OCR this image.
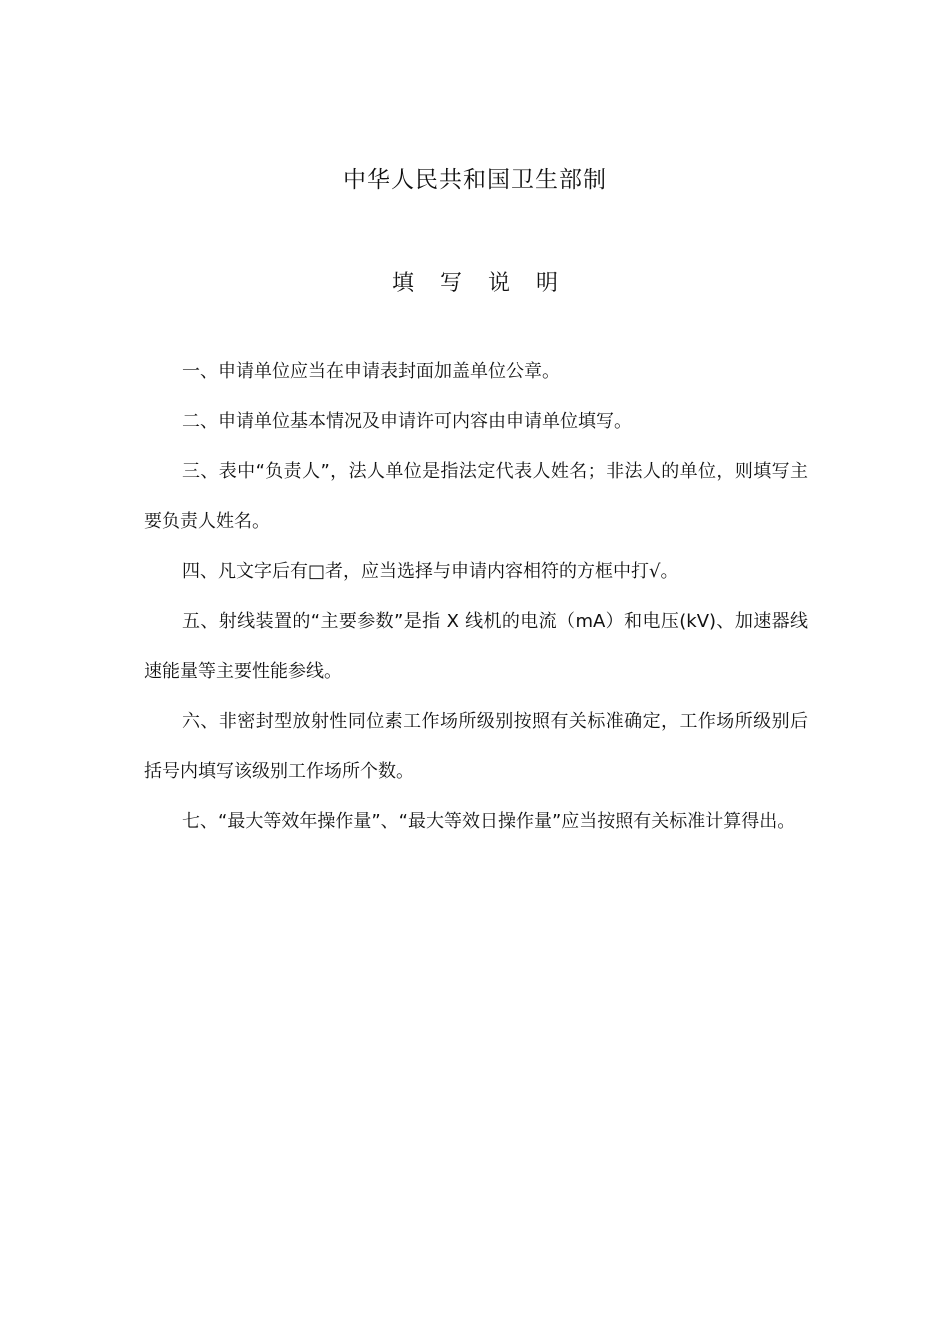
中华人民共和国卫生部制
填写说明

一、申请单位应当在申请表封面加盖单位公章。

二、申请单位基本情况及申请许可内容由申请单位填写。

三、表中“负责人”，法人单位是指法定代表人姓名；非法人的单位，则填写主要负责人姓名。

四、凡文字后有□者，应当选择与申请内容相符的方框中打√。

五、射线装置的“主要参数”是指 X 线机的电流（mA）和电压(kV)、加速器线速能量等主要性能参线。

六、非密封型放射性同位素工作场所级别按照有关标准确定，工作场所级别后括号内填写该级别工作场所个数。

七、“最大等效年操作量”、“最大等效日操作量”应当按照有关标准计算得出。
